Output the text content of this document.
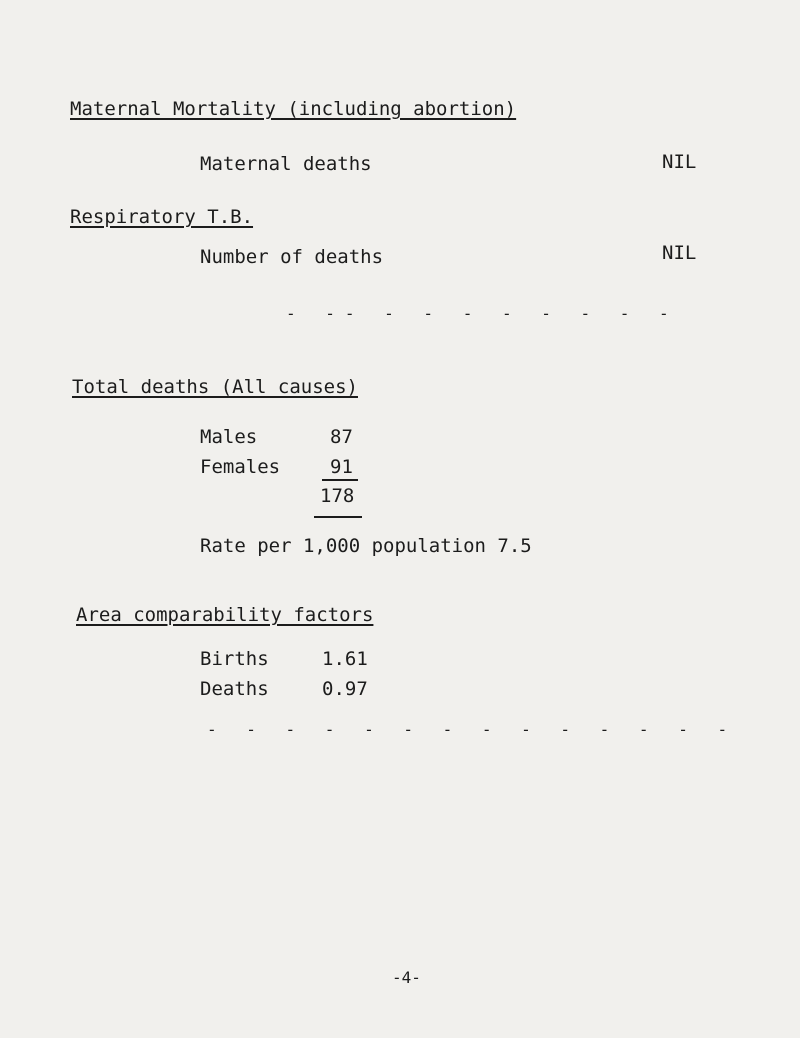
Maternal Mortality (including abortion)
Maternal deaths	NIL
Respiratory T.B.
Number of deaths	NIL
- -- - - - - - - - -
Total deaths (All causes)
Males	87
Females	91
178
Rate per 1,000 population 7.5
Area comparability factors
Births	1.61
Deaths	0.97
- - - - - - - - - - - - - -
-4-
